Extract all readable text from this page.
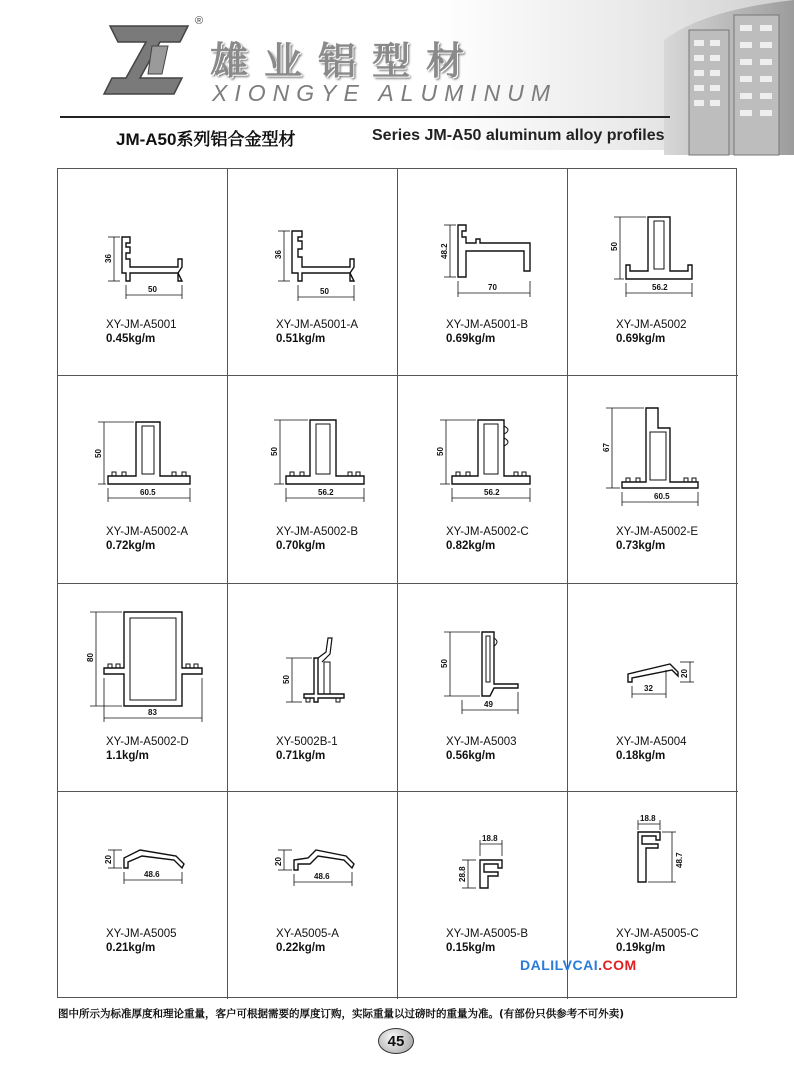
®
雄业铝型材
XIONGYE ALUMINUM
JM-A50系列铝合金型材	Series JM-A50 aluminum alloy profiles
36
50
XY-JM-A5001
0.45kg/m
36
50
XY-JM-A5001-A
0.51kg/m
48.2
70
XY-JM-A5001-B
0.69kg/m
50
56.2
XY-JM-A5002
0.69kg/m
50
60.5
XY-JM-A5002-A
0.72kg/m
50
56.2
XY-JM-A5002-B
0.70kg/m
50
56.2
XY-JM-A5002-C
0.82kg/m
67
60.5
XY-JM-A5002-E
0.73kg/m
80
83
XY-JM-A5002-D
1.1kg/m
50
XY-5002B-1
0.71kg/m
50
49
XY-JM-A5003
0.56kg/m
20
32
XY-JM-A5004
0.18kg/m
20
48.6
XY-JM-A5005
0.21kg/m
20
48.6
XY-A5005-A
0.22kg/m
18.8
28.8
XY-JM-A5005-B
0.15kg/m
18.8
48.7
XY-JM-A5005-C
0.19kg/m
DALILVCAI.COM
图中所示为标准厚度和理论重量，客户可根据需要的厚度订购，实际重量以过磅时的重量为准。(有部份只供参考不可外卖)
45
